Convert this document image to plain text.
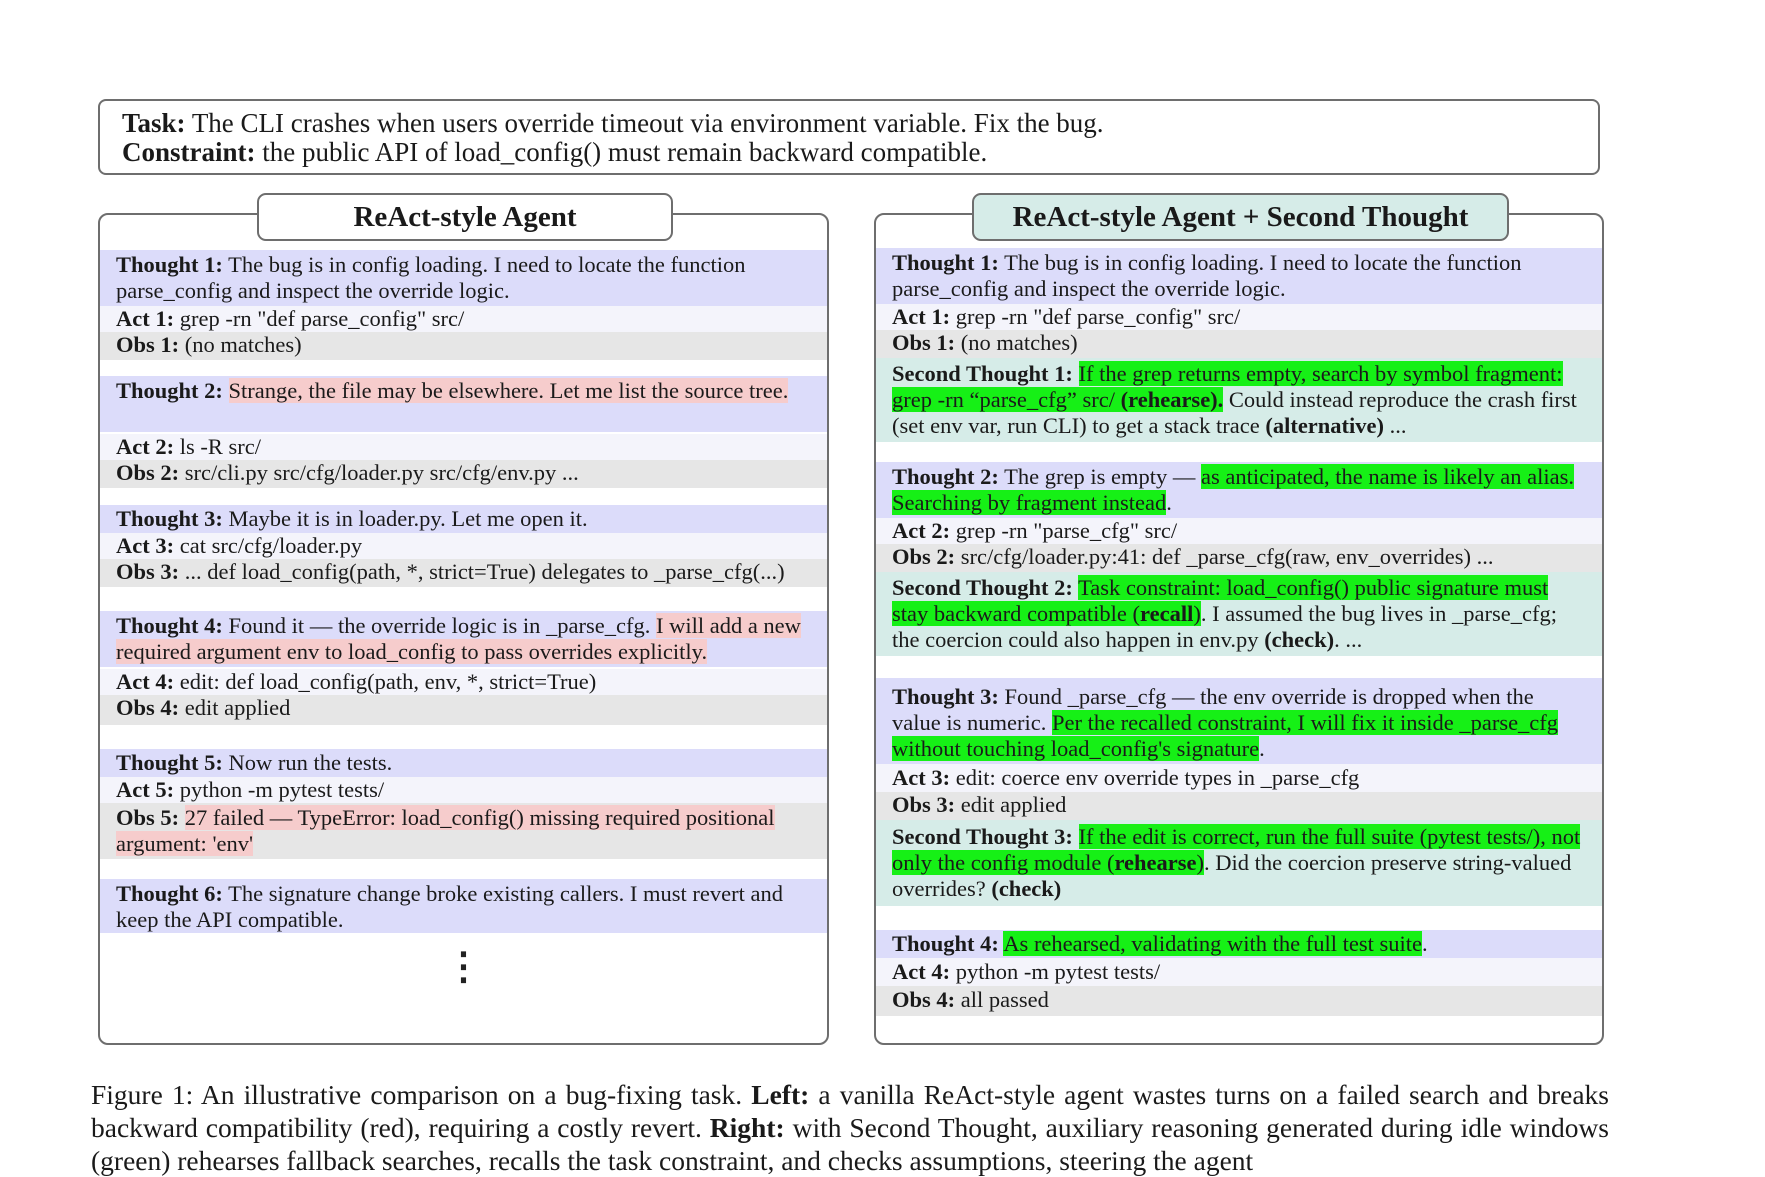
Task: The CLI crashes when users override timeout via environment variable. Fix the bug.
Constraint: the public API of load_config() must remain backward compatible.
ReAct-style Agent
Thought 1: The bug is in config loading. I need to locate the function parse_config and inspect the override logic.
Act 1: grep -rn "def parse_config" src/
Obs 1: (no matches)
Thought 2: Strange, the file may be elsewhere. Let me list the source tree.
Act 2: ls -R src/
Obs 2: src/cli.py src/cfg/loader.py src/cfg/env.py ...
Thought 3: Maybe it is in loader.py. Let me open it.
Act 3: cat src/cfg/loader.py
Obs 3: ... def load_config(path, *, strict=True) delegates to _parse_cfg(...)
Thought 4: Found it — the override logic is in _parse_cfg. I will add a new required argument env to load_config to pass overrides explicitly.
Act 4: edit: def load_config(path, env, *, strict=True)
Obs 4: edit applied
Thought 5: Now run the tests.
Act 5: python -m pytest tests/
Obs 5: 27 failed — TypeError: load_config() missing required positional argument: 'env'
Thought 6: The signature change broke existing callers. I must revert and keep the API compatible.
⋮
ReAct-style Agent + Second Thought
Thought 1: The bug is in config loading. I need to locate the function parse_config and inspect the override logic.
Act 1: grep -rn "def parse_config" src/
Obs 1: (no matches)
Second Thought 1: If the grep returns empty, search by symbol fragment: grep -rn “parse_cfg” src/ (rehearse). Could instead reproduce the crash first (set env var, run CLI) to get a stack trace (alternative) ...
Thought 2: The grep is empty — as anticipated, the name is likely an alias. Searching by fragment instead.
Act 2: grep -rn "parse_cfg" src/
Obs 2: src/cfg/loader.py:41: def _parse_cfg(raw, env_overrides) ...
Second Thought 2: Task constraint: load_config() public signature must stay backward compatible (recall). I assumed the bug lives in _parse_cfg; the coercion could also happen in env.py (check). ...
Thought 3: Found _parse_cfg — the env override is dropped when the value is numeric. Per the recalled constraint, I will fix it inside _parse_cfg without touching load_config's signature.
Act 3: edit: coerce env override types in _parse_cfg
Obs 3: edit applied
Second Thought 3: If the edit is correct, run the full suite (pytest tests/), not only the config module (rehearse). Did the coercion preserve string-valued overrides? (check)
Thought 4: As rehearsed, validating with the full test suite.
Act 4: python -m pytest tests/
Obs 4: all passed
Figure 1: An illustrative comparison on a bug-fixing task. Left: a vanilla ReAct-style agent wastes turns on a failed search and breaks backward compatibility (red), requiring a costly revert. Right: with Second Thought, auxiliary reasoning generated during idle windows (green) rehearses fallback searches, recalls the task constraint, and checks assumptions, steering the agent
